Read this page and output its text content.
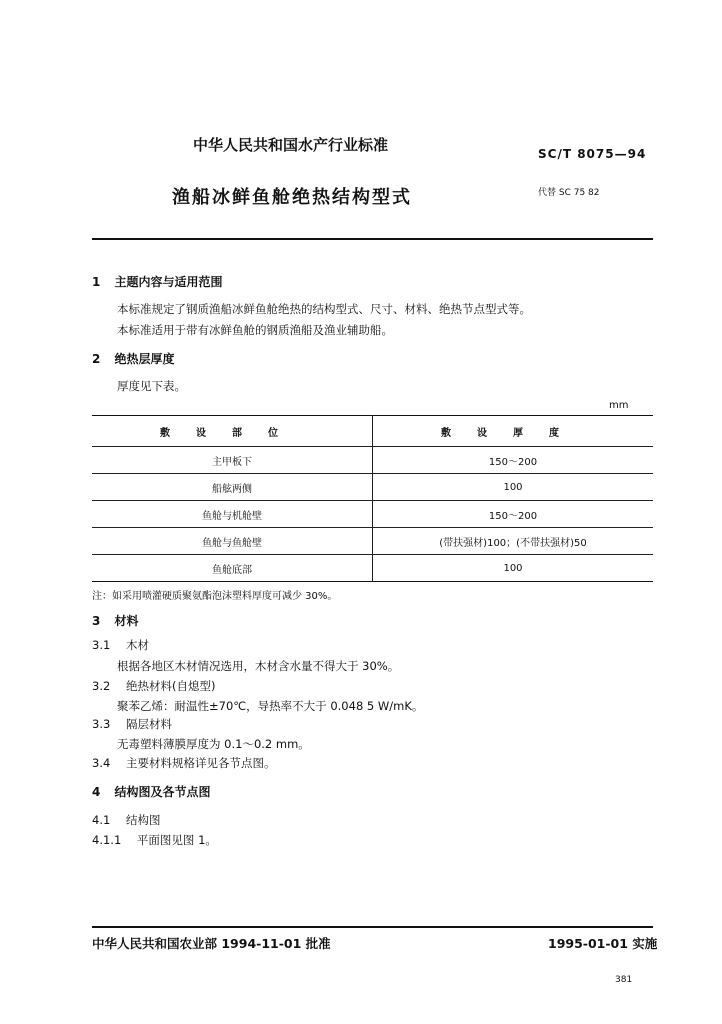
中华人民共和国水产行业标准	SC/T 8075—94
渔船冰鲜鱼舱绝热结构型式	代替 SC 75 82
1 主题内容与适用范围
本标准规定了钢质渔船冰鲜鱼舱绝热的结构型式、尺寸、材料、绝热节点型式等。
本标准适用于带有冰鲜鱼舱的钢质渔船及渔业辅助船。
2 绝热层厚度
厚度见下表。
mm
敷设部位	敷设厚度
主甲板下	150～200
船舷两侧	100
鱼舱与机舱壁	150～200
鱼舱与鱼舱壁	(带扶强材)100；(不带扶强材)50
鱼舱底部	100
注：如采用喷灌硬质聚氨酯泡沫塑料厚度可减少 30%。
3 材料
3.1 木材
根据各地区木材情况选用，木材含水量不得大于 30%。
3.2 绝热材料(自熄型)
聚苯乙烯：耐温性±70℃，导热率不大于 0.048 5 W/mK。
3.3 隔层材料
无毒塑料薄膜厚度为 0.1～0.2 mm。
3.4 主要材料规格详见各节点图。
4 结构图及各节点图
4.1 结构图
4.1.1 平面图见图 1。
中华人民共和国农业部 1994-11-01 批准	1995-01-01 实施
381
